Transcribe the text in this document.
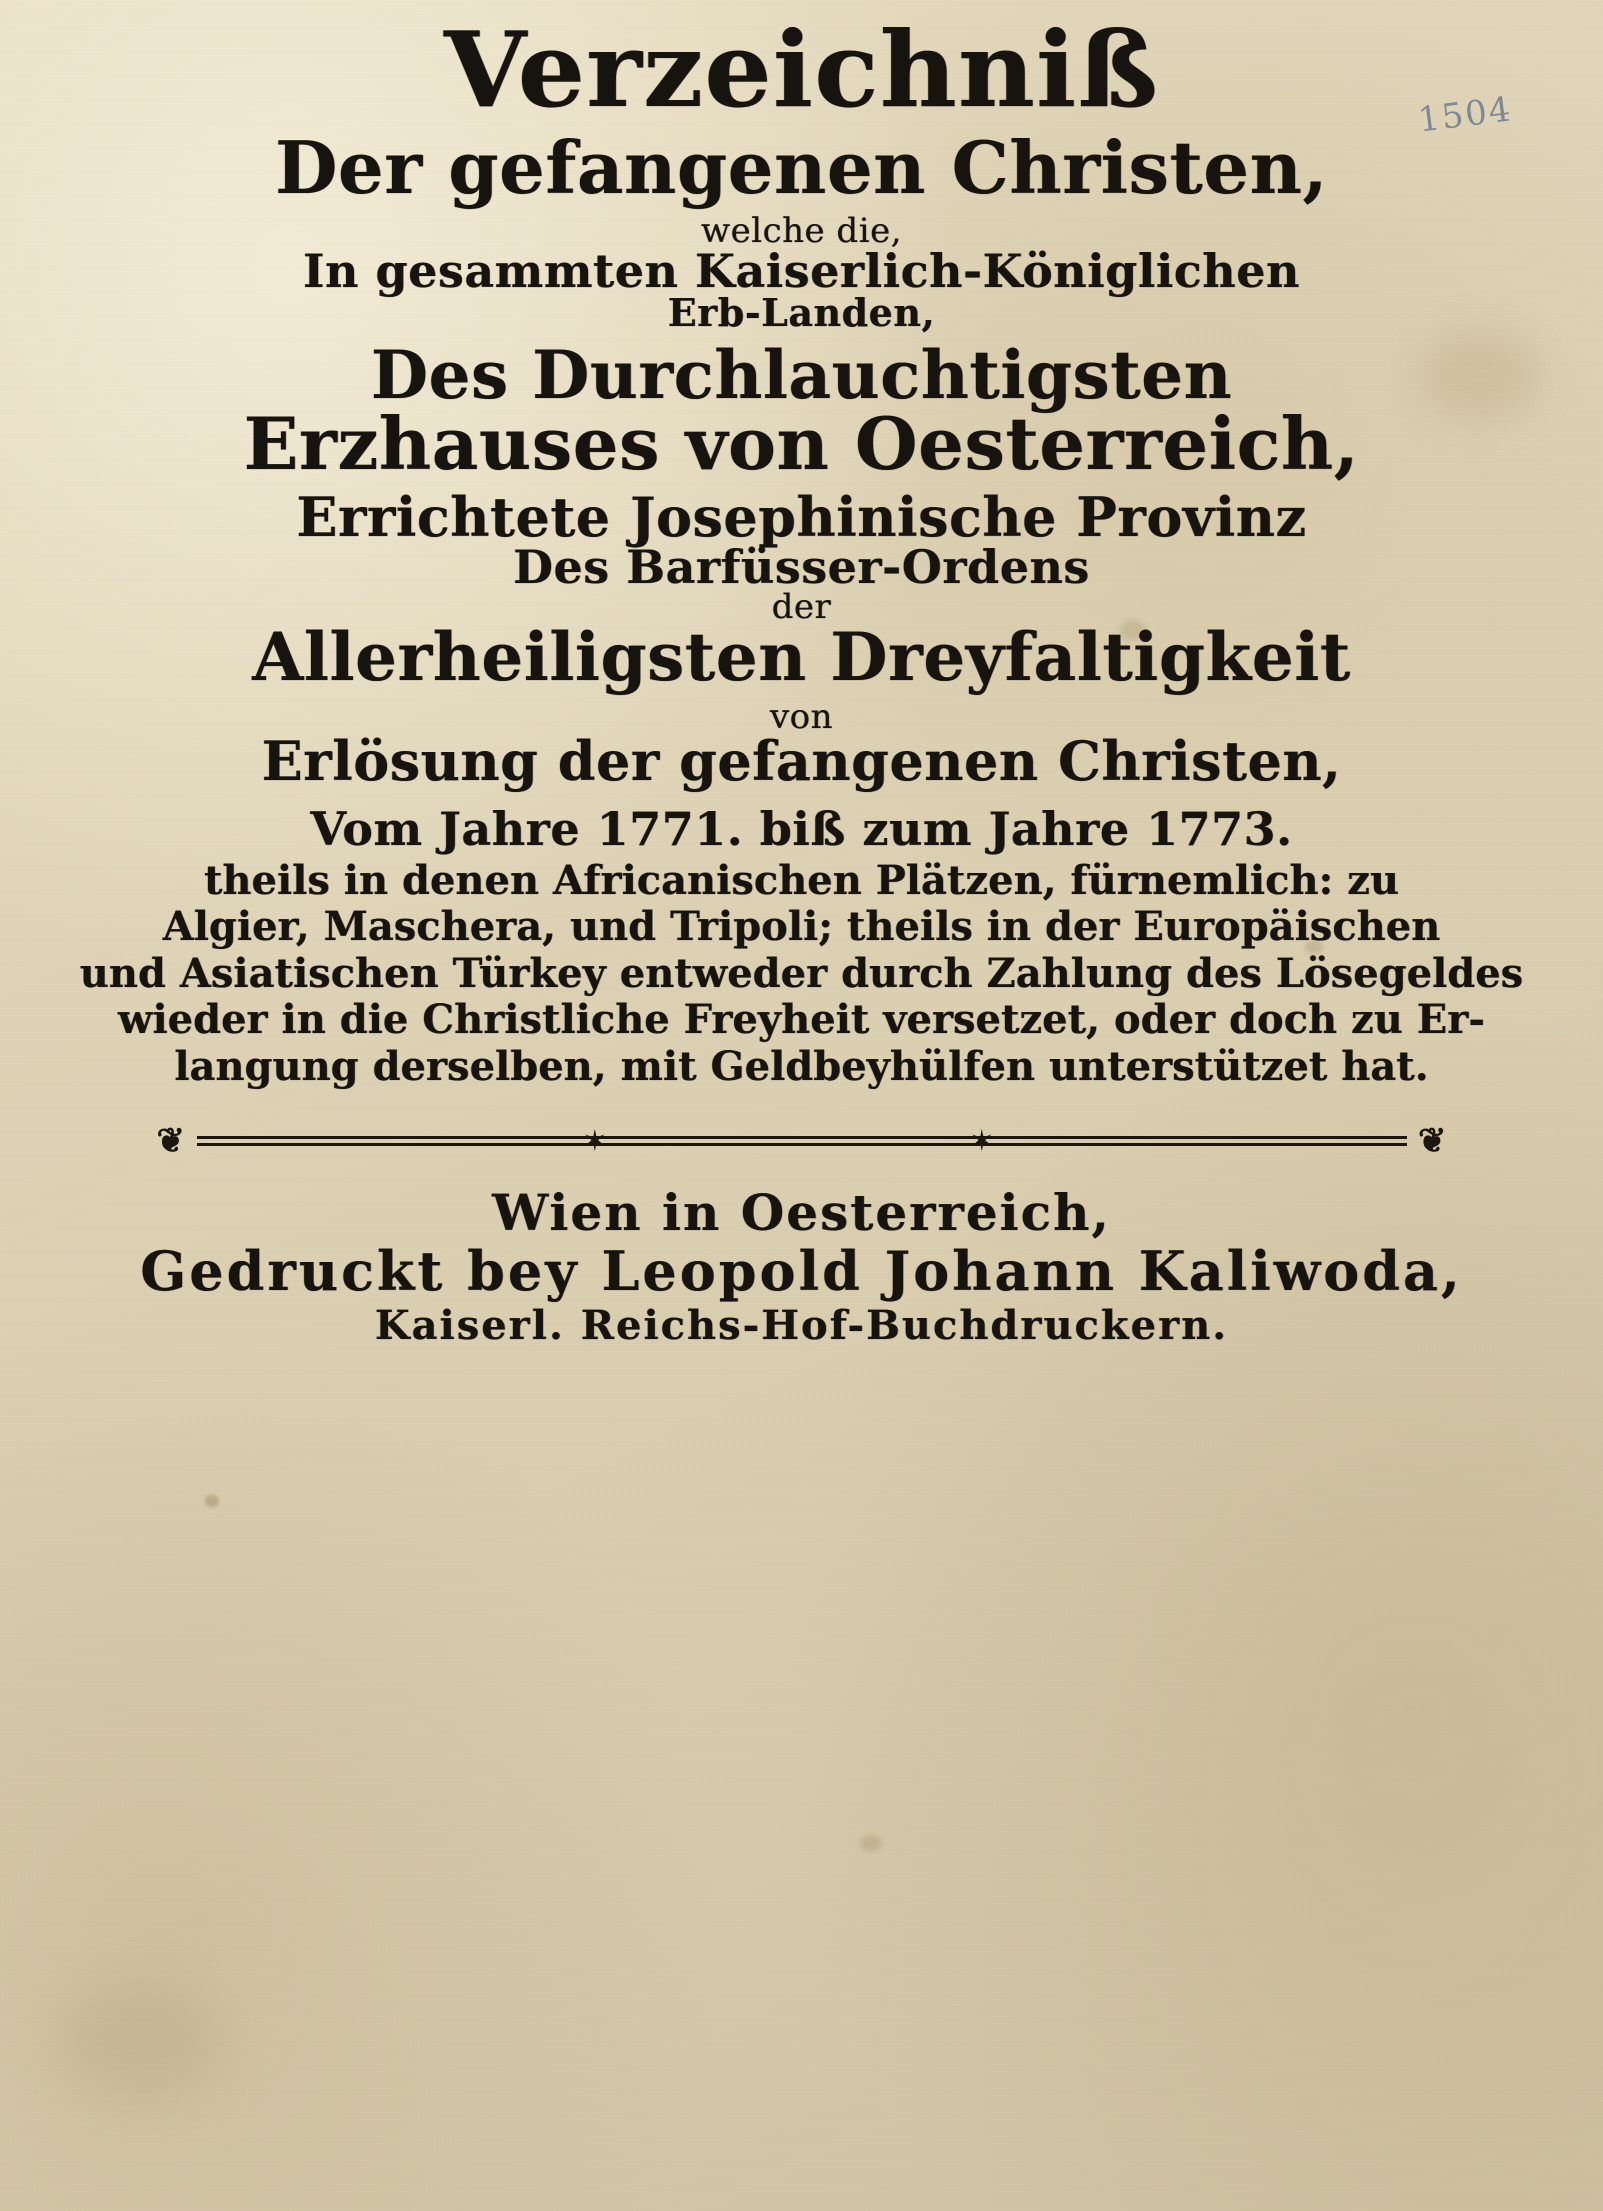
1504
Verzeichniß
Der gefangenen Christen,
welche die,
In gesammten Kaiserlich-Königlichen
Erb-Landen,
Des Durchlauchtigsten
Erzhauses von Oesterreich,
Errichtete Josephinische Provinz
Des Barfüsser-Ordens
der
Allerheiligsten Dreyfaltigkeit
von
Erlösung der gefangenen Christen,
Vom Jahre 1771. biß zum Jahre 1773.
theils in denen Africanischen Plätzen, fürnemlich: zu
Algier, Maschera, und Tripoli; theils in der Europäischen
und Asiatischen Türkey entweder durch Zahlung des Lösegeldes
wieder in die Christliche Freyheit versetzet, oder doch zu Er-
langung derselben, mit Geldbeyhülfen unterstützet hat.
❦	❦
✶	✶
Wien in Oesterreich,
Gedruckt bey Leopold Johann Kaliwoda,
Kaiserl. Reichs-Hof-Buchdruckern.
